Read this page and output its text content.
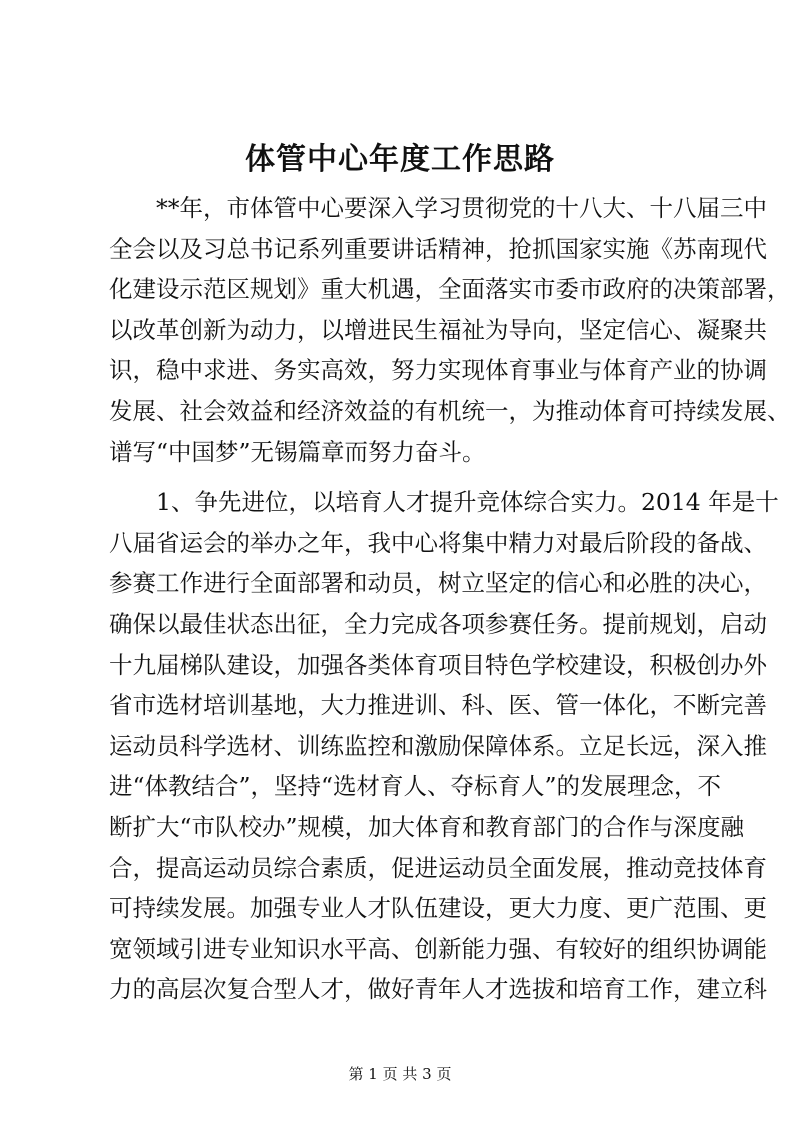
体管中心年度工作思路
**年，市体管中心要深入学习贯彻党的十八大、十八届三中
全会以及习总书记系列重要讲话精神，抢抓国家实施《苏南现代
化建设示范区规划》重大机遇，全面落实市委市政府的决策部署，
以改革创新为动力，以增进民生福祉为导向，坚定信心、凝聚共
识，稳中求进、务实高效，努力实现体育事业与体育产业的协调
发展、社会效益和经济效益的有机统一，为推动体育可持续发展、
谱写“中国梦”无锡篇章而努力奋斗。
1、争先进位，以培育人才提升竞体综合实力。2014 年是十
八届省运会的举办之年，我中心将集中精力对最后阶段的备战、
参赛工作进行全面部署和动员，树立坚定的信心和必胜的决心，
确保以最佳状态出征，全力完成各项参赛任务。提前规划，启动
十九届梯队建设，加强各类体育项目特色学校建设，积极创办外
省市选材培训基地，大力推进训、科、医、管一体化，不断完善
运动员科学选材、训练监控和激励保障体系。立足长远，深入推
进“体教结合”，坚持“选材育人、夺标育人”的发展理念，不
断扩大“市队校办”规模，加大体育和教育部门的合作与深度融
合，提高运动员综合素质，促进运动员全面发展，推动竞技体育
可持续发展。加强专业人才队伍建设，更大力度、更广范围、更
宽领域引进专业知识水平高、创新能力强、有较好的组织协调能
力的高层次复合型人才，做好青年人才选拔和培育工作，建立科
第 1 页 共 3 页
